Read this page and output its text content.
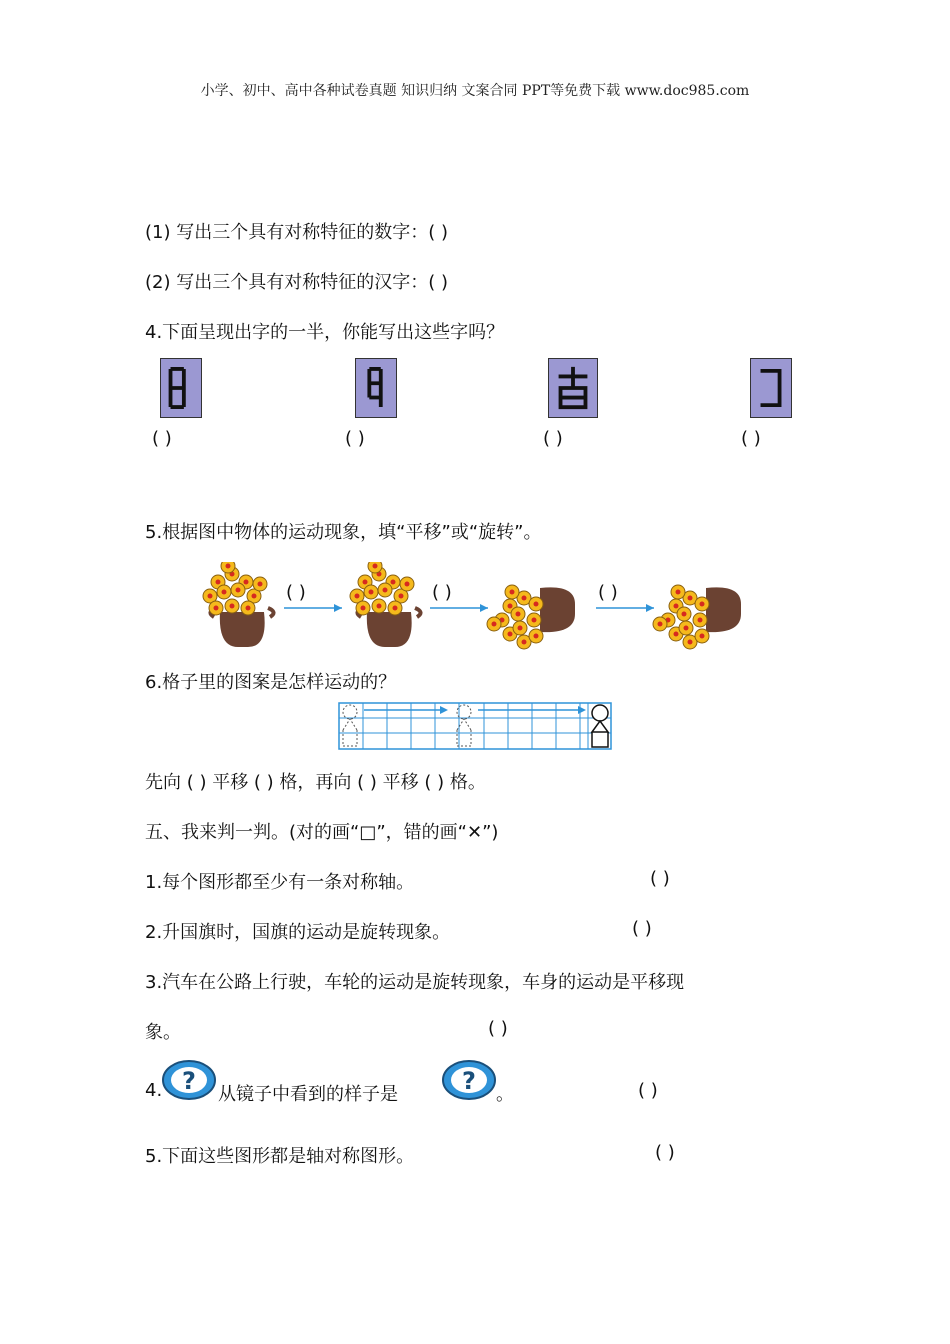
小学、初中、高中各种试卷真题 知识归纳 文案合同 PPT等免费下载 www.doc985.com
(1) 写出三个具有对称特征的数字：( )
(2) 写出三个具有对称特征的汉字：( )
4.下面呈现出字的一半，你能写出这些字吗？
( )	( )	( )	( )
5.根据图中物体的运动现象，填“平移”或“旋转”。
( )	( )	( )
6.格子里的图案是怎样运动的？
先向 ( ) 平移 ( ) 格，再向 ( ) 平移 ( ) 格。
五、我来判一判。(对的画“□”，错的画“✕”)
1.每个图形都至少有一条对称轴。	( )
2.升国旗时，国旗的运动是旋转现象。	( )
3.汽车在公路上行驶，车轮的运动是旋转现象，车身的运动是平移现
象。	( )
4. ? 从镜子中看到的样子是	? 。	( )
5.下面这些图形都是轴对称图形。	( )
